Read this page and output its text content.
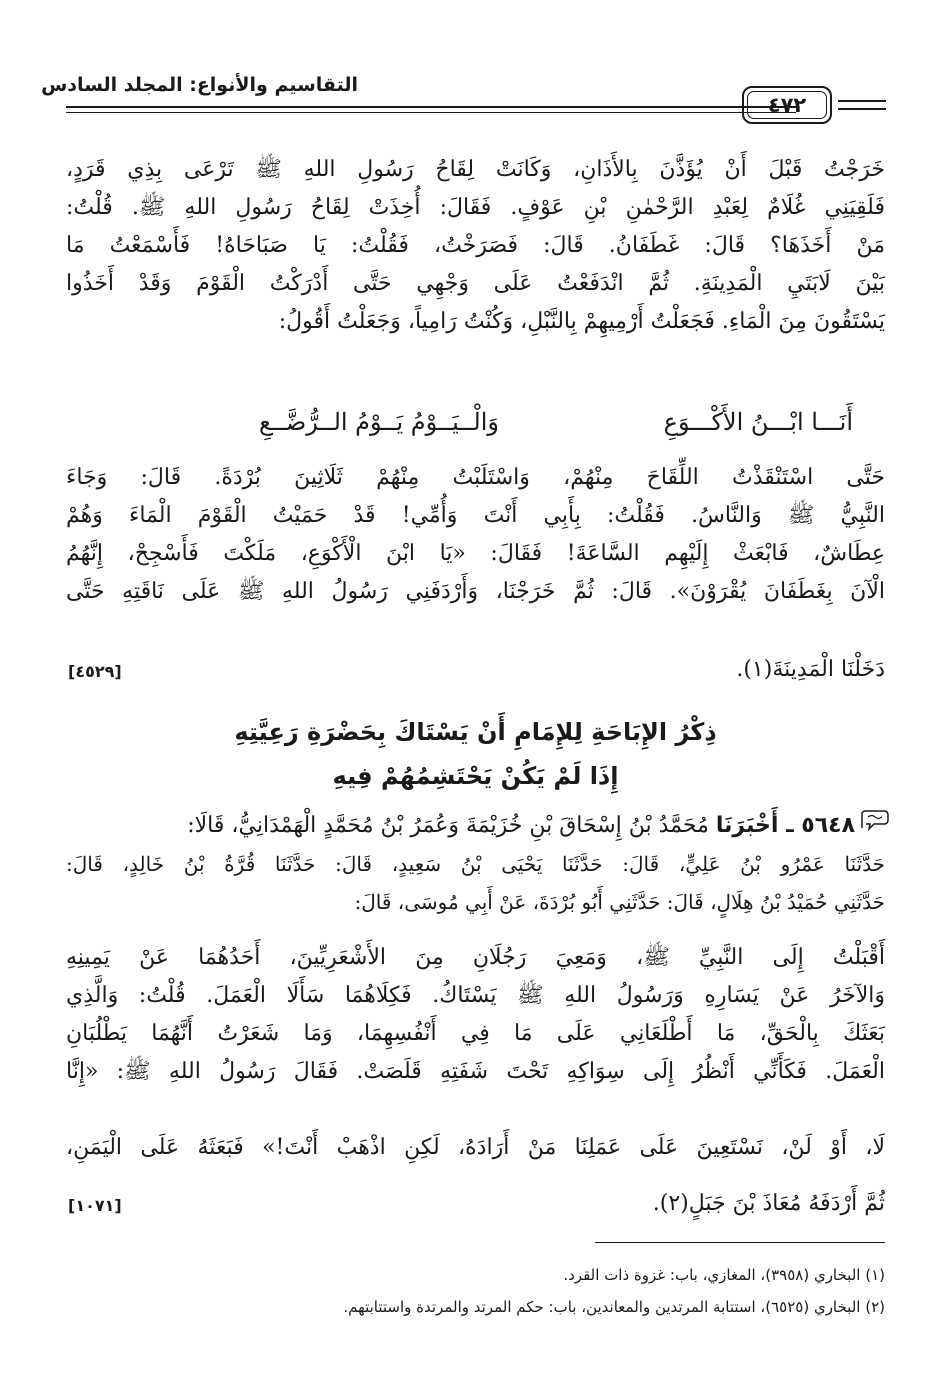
التقاسيم والأنواع: المجلد السادس
٤٧٢
خَرَجْتُ قَبْلَ أَنْ يُؤَذَّنَ بِالأَذَانِ، وَكَانَتْ لِقَاحُ رَسُولِ اللهِ ﷺ تَرْعَى بِذِي قَرَدٍ،
فَلَقِيَنِي غُلَامٌ لِعَبْدِ الرَّحْمٰنِ بْنِ عَوْفٍ. فَقَالَ: أُخِذَتْ لِقَاحُ رَسُولِ اللهِ ﷺ. قُلْتُ:
مَنْ أَخَذَهَا؟ قَالَ: غَطَفَانُ. قَالَ: فَصَرَخْتُ، فَقُلْتُ: يَا صَبَاحَاهُ! فَأَسْمَعْتُ مَا
بَيْنَ لَابَتَيِ الْمَدِينَةِ. ثُمَّ انْدَفَعْتُ عَلَى وَجْهِي حَتَّى أَدْرَكْتُ الْقَوْمَ وَقَدْ أَخَذُوا
يَسْتَقُونَ مِنَ الْمَاءِ. فَجَعَلْتُ أَرْمِيهِمْ بِالنَّبْلِ، وَكُنْتُ رَامِياً، وَجَعَلْتُ أَقُولُ:
أَنَـــا ابْـــنُ الأَكْـــوَعِ
وَالْــيَــوْمُ يَــوْمُ الــرُّضَّــعِ
حَتَّى اسْتَنْقَذْتُ اللِّقَاحَ مِنْهُمْ، وَاسْتَلَبْتُ مِنْهُمْ ثَلَاثِينَ بُرْدَةً. قَالَ: وَجَاءَ
النَّبِيُّ ﷺ وَالنَّاسُ. فَقُلْتُ: بِأَبِي أَنْتَ وَأُمِّي! قَدْ حَمَيْتُ الْقَوْمَ الْمَاءَ وَهُمْ
عِطَاشٌ، فَابْعَثْ إِلَيْهِم السَّاعَةَ! فَقَالَ: «يَا ابْنَ الْأَكْوَعِ، مَلَكْتَ فَأَسْجِحْ، إِنَّهُمُ
الْآنَ بِغَطَفَانَ يُقْرَوْنَ». قَالَ: ثُمَّ خَرَجْنَا، وَأَرْدَفَنِي رَسُولُ اللهِ ﷺ عَلَى نَاقَتِهِ حَتَّى
دَخَلْنَا الْمَدِينَةَ(١).
[٤٥٢٩]
ذِكْرُ الإِبَاحَةِ لِلإِمَامِ أَنْ يَسْتَاكَ بِحَضْرَةِ رَعِيَّتِهِ
إِذَا لَمْ يَكُنْ يَحْتَشِمُهُمْ فِيهِ
٥٦٤٨ ـ أَخْبَرَنَا مُحَمَّدُ بْنُ إِسْحَاقَ بْنِ خُزَيْمَةَ وَعُمَرُ بْنُ مُحَمَّدٍ الْهَمْدَانِيُّ، قَالَا:
حَدَّثَنَا عَمْرُو بْنُ عَلِيٍّ، قَالَ: حَدَّثَنَا يَحْيَى بْنُ سَعِيدٍ، قَالَ: حَدَّثَنَا قُرَّةُ بْنُ خَالِدٍ، قَالَ:
حَدَّثَنِي حُمَيْدُ بْنُ هِلَالٍ، قَالَ: حَدَّثَنِي أَبُو بُرْدَةَ، عَنْ أَبِي مُوسَى، قَالَ:
أَقْبَلْتُ إِلَى النَّبِيِّ ﷺ، وَمَعِيَ رَجُلَانِ مِنَ الأَشْعَرِيِّينَ، أَحَدُهُمَا عَنْ يَمِينِهِ
وَالآخَرُ عَنْ يَسَارِهِ وَرَسُولُ اللهِ ﷺ يَسْتَاكُ. فَكِلَاهُمَا سَأَلَا الْعَمَلَ. قُلْتُ: وَالَّذِي
بَعَثَكَ بِالْحَقِّ، مَا أَطْلَعَانِي عَلَى مَا فِي أَنْفُسِهِمَا، وَمَا شَعَرْتُ أَنَّهُمَا يَطْلُبَانِ
الْعَمَلَ. فَكَأَنِّي أَنْظُرُ إِلَى سِوَاكِهِ تَحْتَ شَفَتِهِ قَلَصَتْ. فَقَالَ رَسُولُ اللهِ ﷺ: «إِنَّا
لَا، أَوْ لَنْ، نَسْتَعِينَ عَلَى عَمَلِنَا مَنْ أَرَادَهُ، لَكِنِ اذْهَبْ أَنْتَ!» فَبَعَثَهُ عَلَى الْيَمَنِ،
ثُمَّ أَرْدَفَهُ مُعَاذَ بْنَ جَبَلٍ(٢).
[١٠٧١]
(١) البخاري (٣٩٥٨)، المغازي، باب: غزوة ذات القرد.
(٢) البخاري (٦٥٢٥)، استتابة المرتدين والمعاندين، باب: حكم المرتد والمرتدة واستتابتهم.
